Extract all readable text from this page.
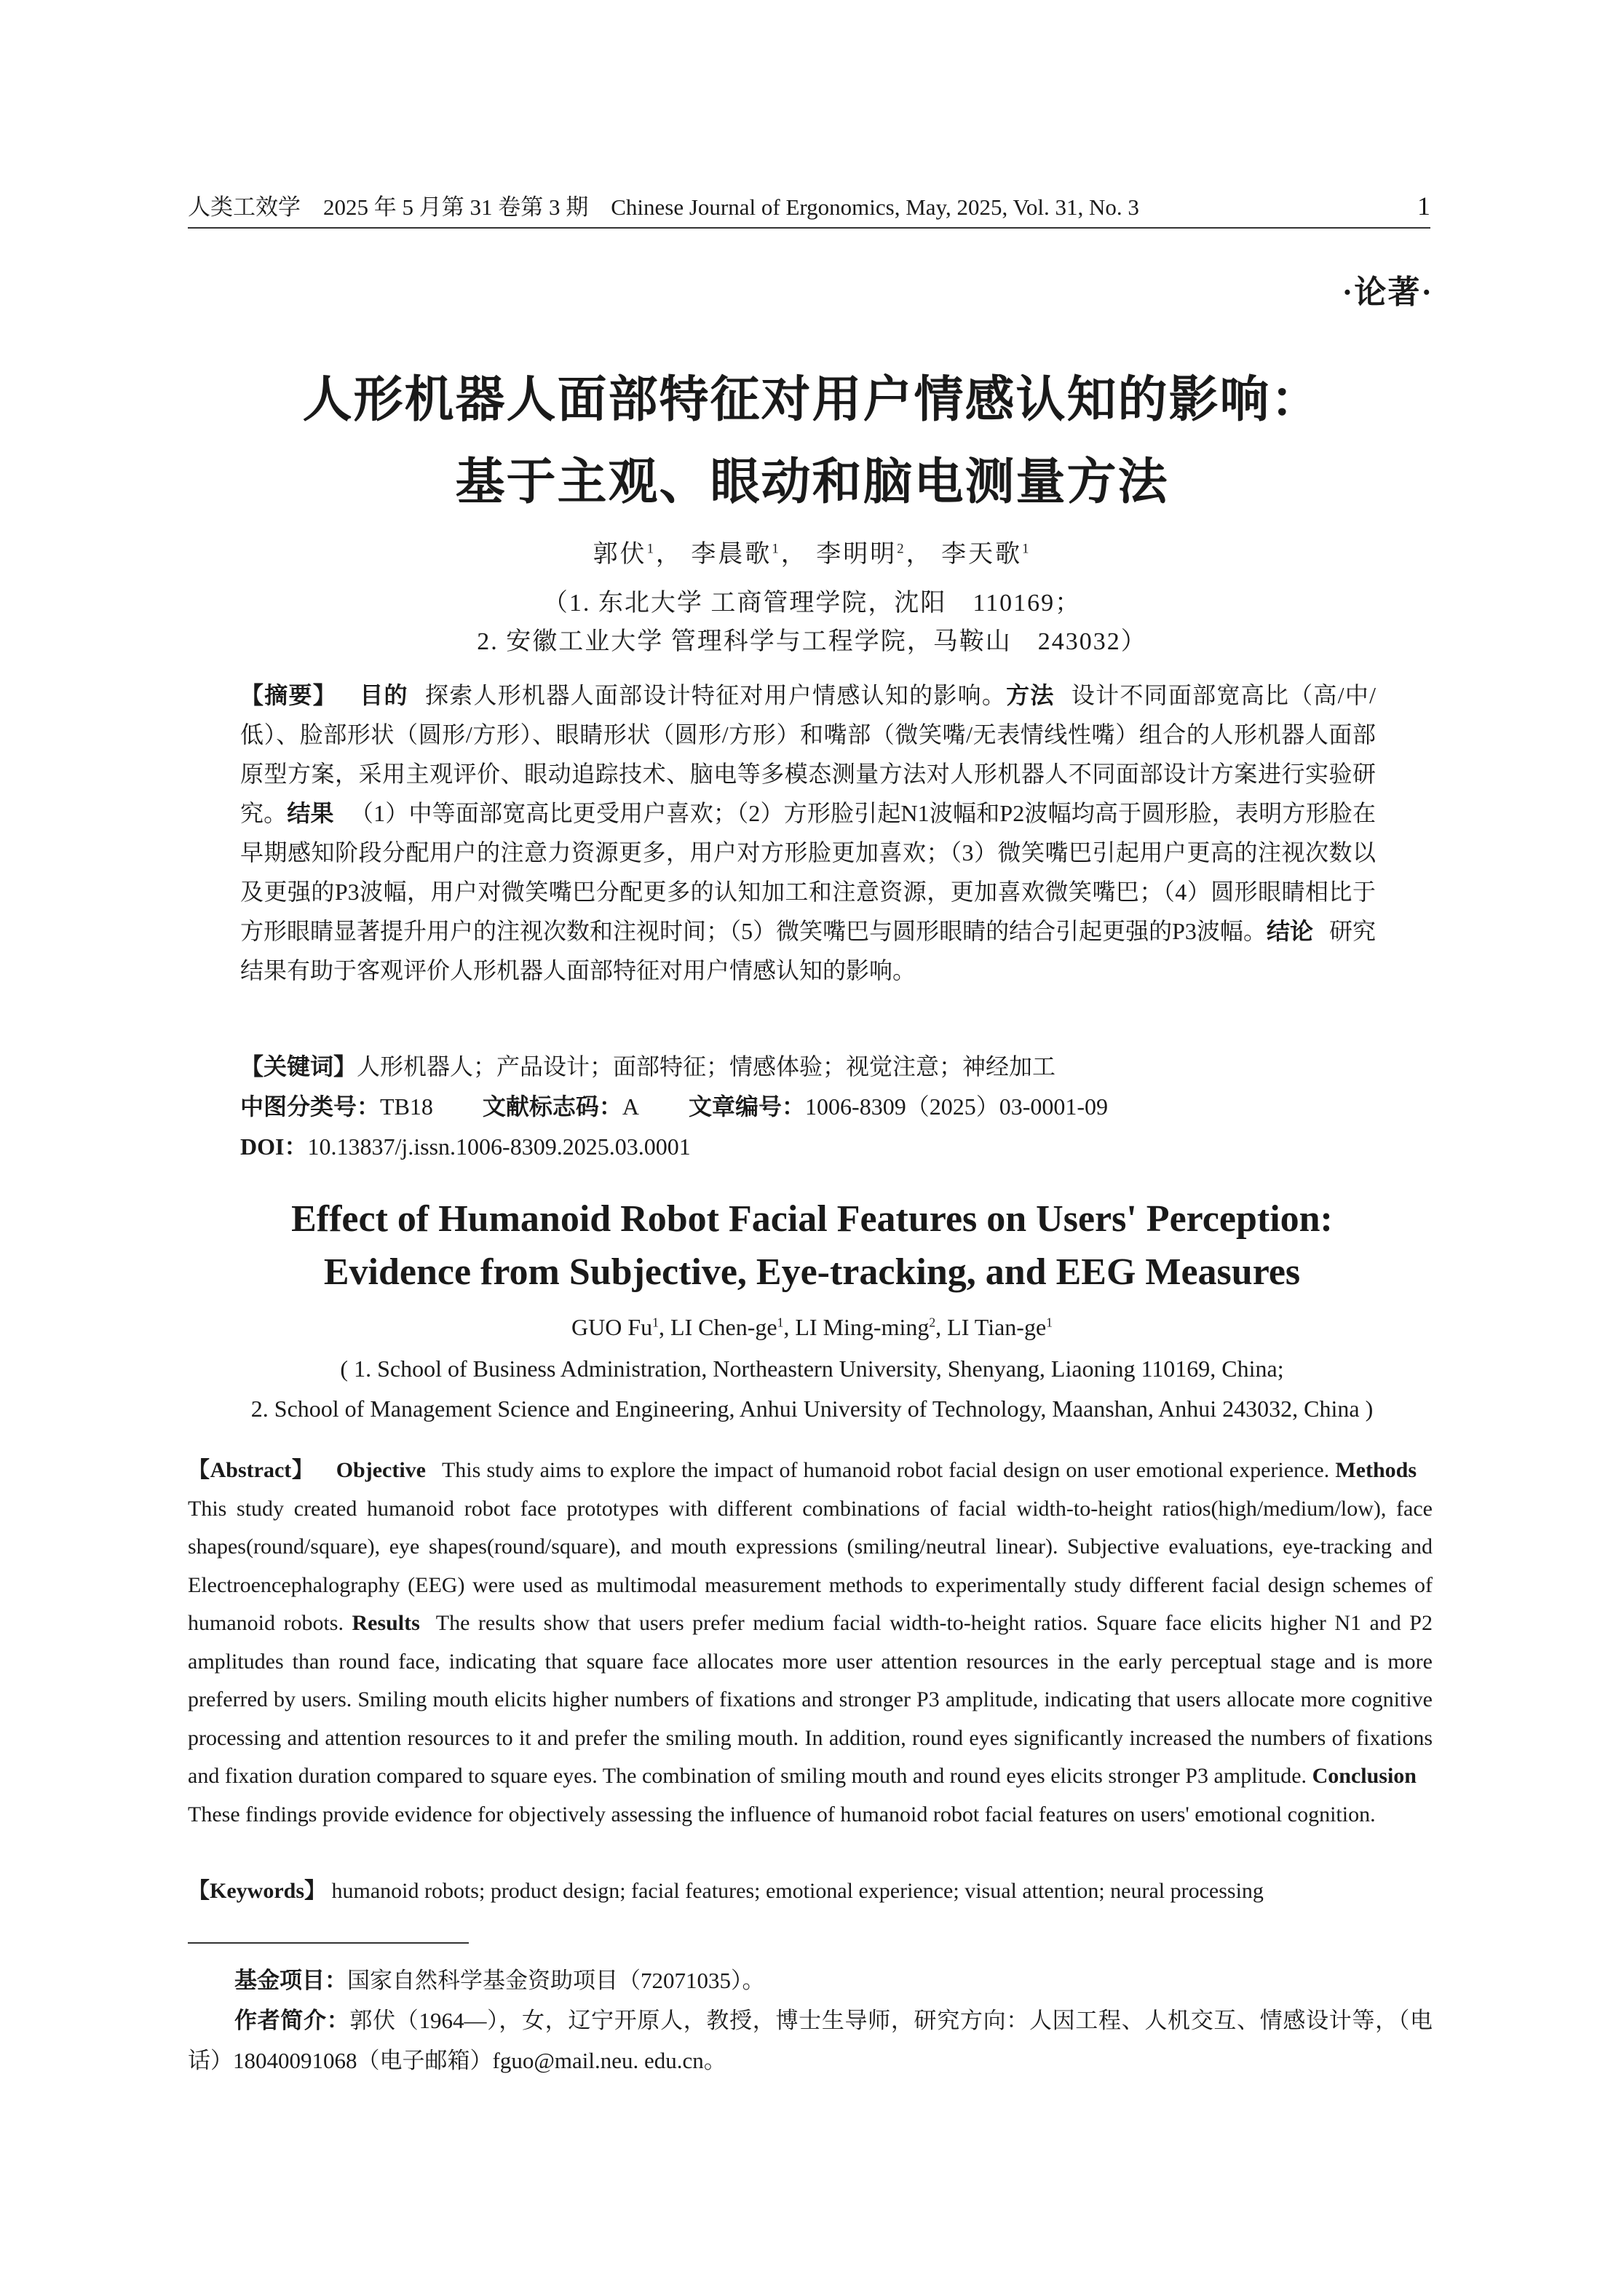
人类工效学　2025 年 5 月第 31 卷第 3 期　Chinese Journal of Ergonomics, May, 2025, Vol. 31, No. 3	1
·论著·
人形机器人面部特征对用户情感认知的影响：
基于主观、眼动和脑电测量方法
郭伏$^1$， 李晨歌$^1$， 李明明$^2$， 李天歌$^1$
（1. 东北大学 工商管理学院，沈阳　110169；
2. 安徽工业大学 管理科学与工程学院，马鞍山　243032）
【摘要】 目的 探索人形机器人面部设计特征对用户情感认知的影响。方法 设计不同面部宽高比（高/中/低）、脸部形状（圆形/方形）、眼睛形状（圆形/方形）和嘴部（微笑嘴/无表情线性嘴）组合的人形机器人面部原型方案，采用主观评价、眼动追踪技术、脑电等多模态测量方法对人形机器人不同面部设计方案进行实验研究。结果 （1）中等面部宽高比更受用户喜欢；（2）方形脸引起N1波幅和P2波幅均高于圆形脸，表明方形脸在早期感知阶段分配用户的注意力资源更多，用户对方形脸更加喜欢；（3）微笑嘴巴引起用户更高的注视次数以及更强的P3波幅，用户对微笑嘴巴分配更多的认知加工和注意资源，更加喜欢微笑嘴巴；（4）圆形眼睛相比于方形眼睛显著提升用户的注视次数和注视时间；（5）微笑嘴巴与圆形眼睛的结合引起更强的P3波幅。结论 研究结果有助于客观评价人形机器人面部特征对用户情感认知的影响。
【关键词】人形机器人；产品设计；面部特征；情感体验；视觉注意；神经加工
中图分类号：TB18 文献标志码：A 文章编号：1006-8309（2025）03-0001-09
DOI：10.13837/j.issn.1006-8309.2025.03.0001
Effect of Humanoid Robot Facial Features on Users' Perception:
Evidence from Subjective, Eye-tracking, and EEG Measures
GUO Fu$^1$, LI Chen-$ge^1$, LI Ming-ming$^2$, LI Tian-$ge^1$
( 1. School of Business Administration, Northeastern University, Shenyang, Liaoning 110169, China;
2. School of Management Science and Engineering, Anhui University of Technology, Maanshan, Anhui 243032, China )
【Abstract】 Objective This study aims to explore the impact of humanoid robot facial design on user emotional experience. MethodsThis study created humanoid robot face prototypes with different combinations of facial width-to-height ratios(high/medium/low), face shapes(round/square), eye shapes(round/square), and mouth expressions (smiling/neutral linear). Subjective evaluations, eye-tracking and Electroencephalography (EEG) were used as multimodal measurement methods to experimentally study different facial design schemes of humanoid robots. Results The results show that users prefer medium facial width-to-height ratios. Square face elicits higher N1 and P2 amplitudes than round face, indicating that square face allocates more user attention resources in the early perceptual stage and is more preferred by users. Smiling mouth elicits higher numbers of fixations and stronger P3 amplitude, indicating that users allocate more cognitive processing and attention resources to it and prefer the smiling mouth. In addition, round eyes significantly increased the numbers of fixations and fixation duration compared to square eyes. The combination of smiling mouth and round eyes elicits stronger P3 amplitude. ConclusionThese findings provide evidence for objectively assessing the influence of humanoid robot facial features on users' emotional cognition.
【Keywords】 humanoid robots; product design; facial features; emotional experience; visual attention; neural processing
基金项目：国家自然科学基金资助项目（72071035）。
作者简介：郭伏（1964—），女，辽宁开原人，教授，博士生导师，研究方向：人因工程、人机交互、情感设计等，（电话）18040091068（电子邮箱）fguo@mail.neu. edu.cn。
